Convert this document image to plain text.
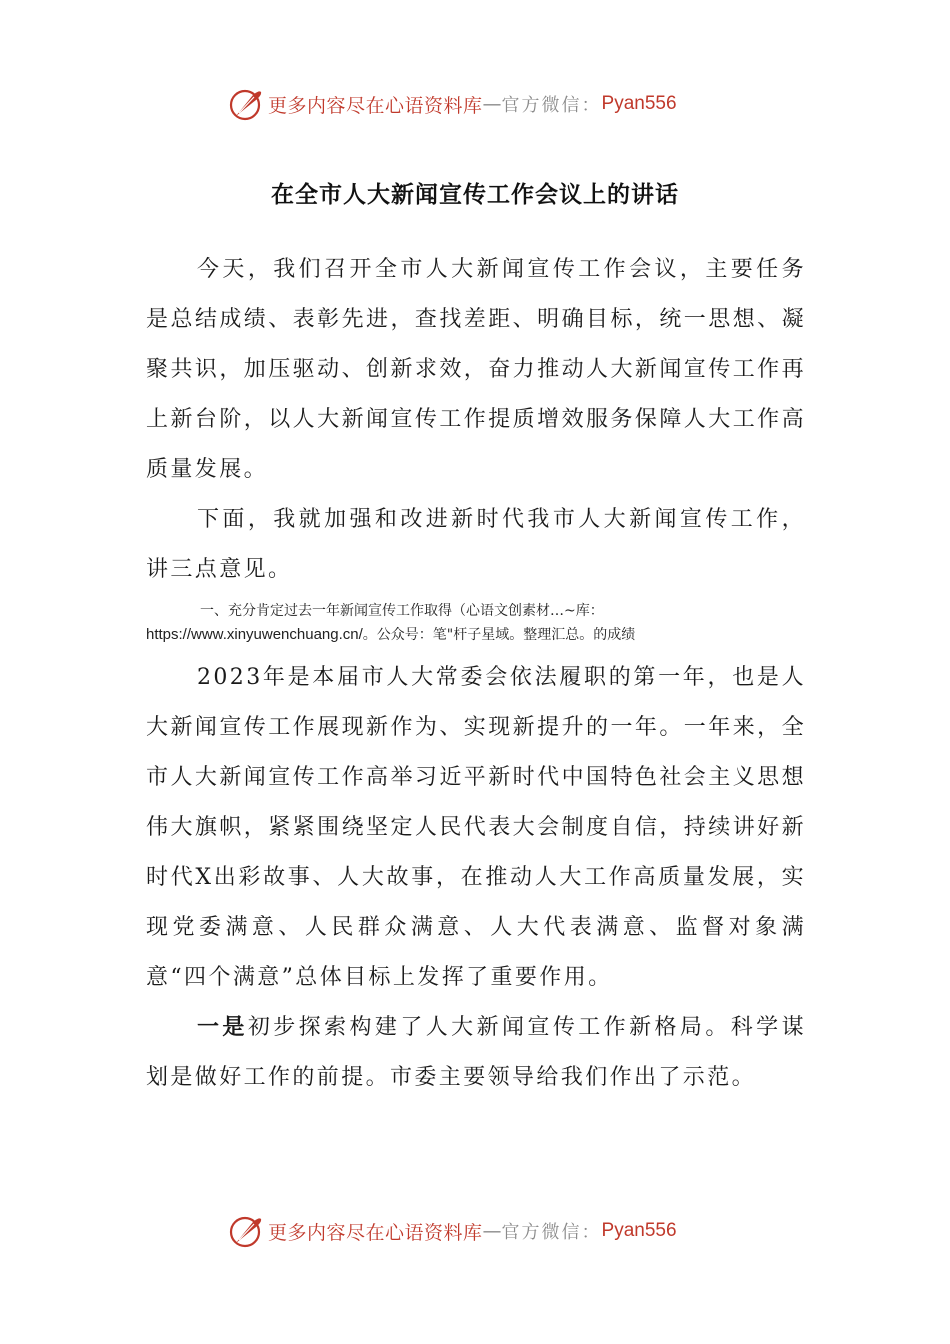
更多内容尽在心语资料库 — 官方微信： Pyan556
在全市人大新闻宣传工作会议上的讲话

今天，我们召开全市人大新闻宣传工作会议，主要任务是总结成绩、表彰先进，查找差距、明确目标，统一思想、凝聚共识，加压驱动、创新求效，奋力推动人大新闻宣传工作再上新台阶，以人大新闻宣传工作提质增效服务保障人大工作高质量发展。

下面，我就加强和改进新时代我市人大新闻宣传工作，讲三点意见。

一、充分肯定过去一年新闻宣传工作取得（心语文创素材…~库：https://www.xinyuwenchuang.cn/。公众号：笔"杆子星域。整理汇总。的成绩

2023年是本届市人大常委会依法履职的第一年，也是人大新闻宣传工作展现新作为、实现新提升的一年。一年来，全市人大新闻宣传工作高举习近平新时代中国特色社会主义思想伟大旗帜，紧紧围绕坚定人民代表大会制度自信，持续讲好新时代X出彩故事、人大故事，在推动人大工作高质量发展，实现党委满意、人民群众满意、人大代表满意、监督对象满意“四个满意”总体目标上发挥了重要作用。

一是初步探索构建了人大新闻宣传工作新格局。科学谋划是做好工作的前提。市委主要领导给我们作出了示范。

更多内容尽在心语资料库 — 官方微信： Pyan556
